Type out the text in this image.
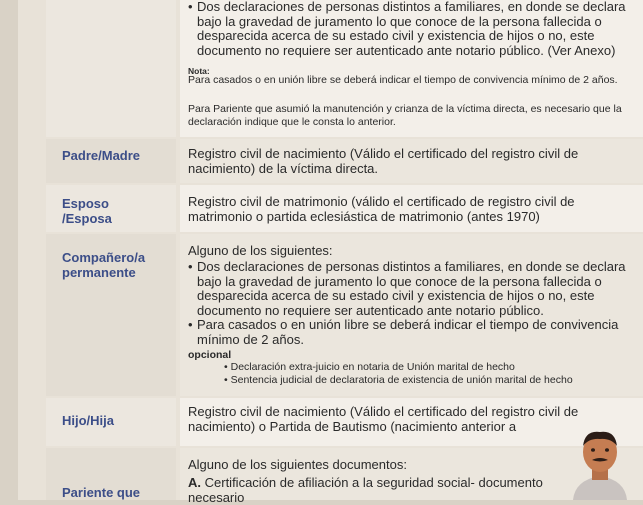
• Dos declaraciones de personas distintos a familiares, en donde se declara bajo la gravedad de juramento lo que conoce de la persona fallecida o desparecida acerca de su estado civil y existencia de hijos o no, este documento no requiere ser autenticado ante notario público. (Ver Anexo)
Nota:
Para casados o en unión libre se deberá indicar el tiempo de convivencia mínimo de 2 años.
Para Pariente que asumió la manutención y crianza de la víctima directa, es necesario que la declaración indique que le consta lo anterior.
Padre/Madre	Registro civil de nacimiento (Válido el certificado del registro civil de nacimiento) de la víctima directa.
Esposo
/Esposa
Registro civil de matrimonio (válido el certificado de registro civil de matrimonio o partida eclesiástica de matrimonio (antes 1970)
Compañero/a
permanente
Alguno de los siguientes:
• Dos declaraciones de personas distintos a familiares, en donde se declara bajo la gravedad de juramento lo que conoce de la persona fallecida o desparecida acerca de su estado civil y existencia de hijos o no, este documento no requiere ser autenticado ante notario público.
• Para casados o en unión libre se deberá indicar el tiempo de convivencia mínimo de 2 años.
opcional
• Declaración extra-juicio en notaria de Unión marital de hecho
• Sentencia judicial de declaratoria de existencia de unión marital de hecho
Hijo/Hija
Registro civil de nacimiento (Válido el certificado del registro civil de nacimiento) o Partida de Bautismo (nacimiento anterior a
Pariente que
Alguno de los siguientes documentos:
A. Certificación de afiliación a la seguridad social- documento necesario
